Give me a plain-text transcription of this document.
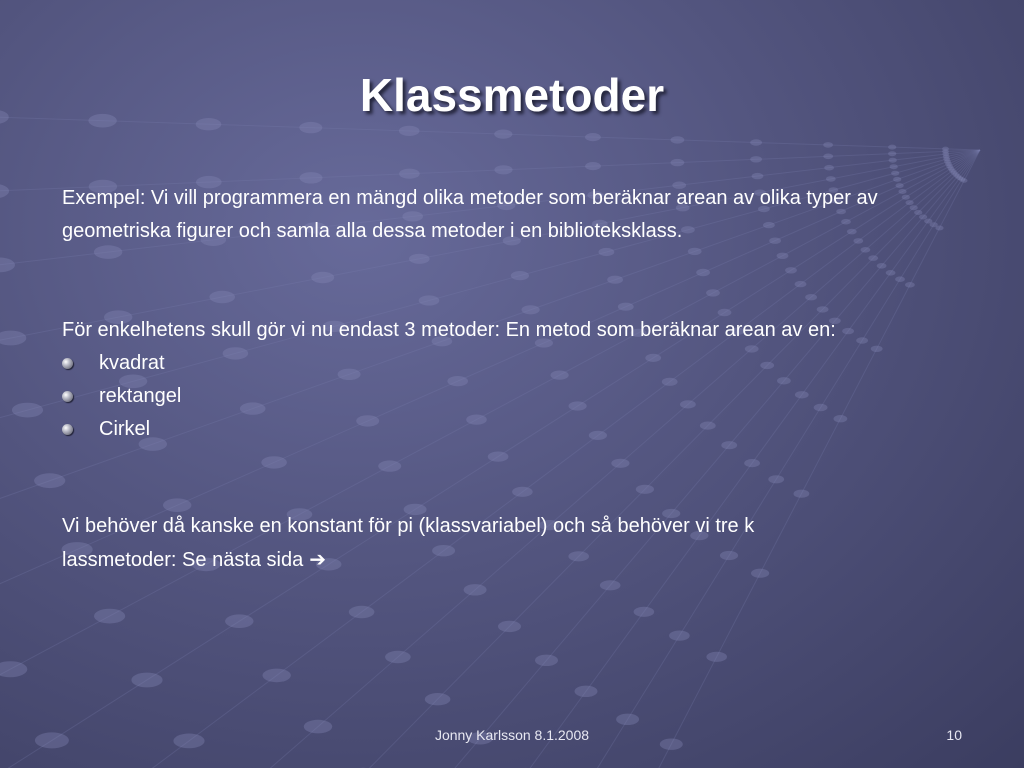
Klassmetoder
Exempel: Vi vill programmera en mängd olika metoder som beräknar arean av olika typer av geometriska figurer och samla alla dessa metoder i en biblioteksklass.
För enkelhetens skull gör vi nu endast 3 metoder: En metod som beräknar arean av en:
kvadrat
rektangel
Cirkel
Vi behöver då kanske en konstant för pi (klassvariabel) och så behöver vi tre k
lassmetoder: Se nästa sida ➔
Jonny Karlsson 8.1.2008	10
